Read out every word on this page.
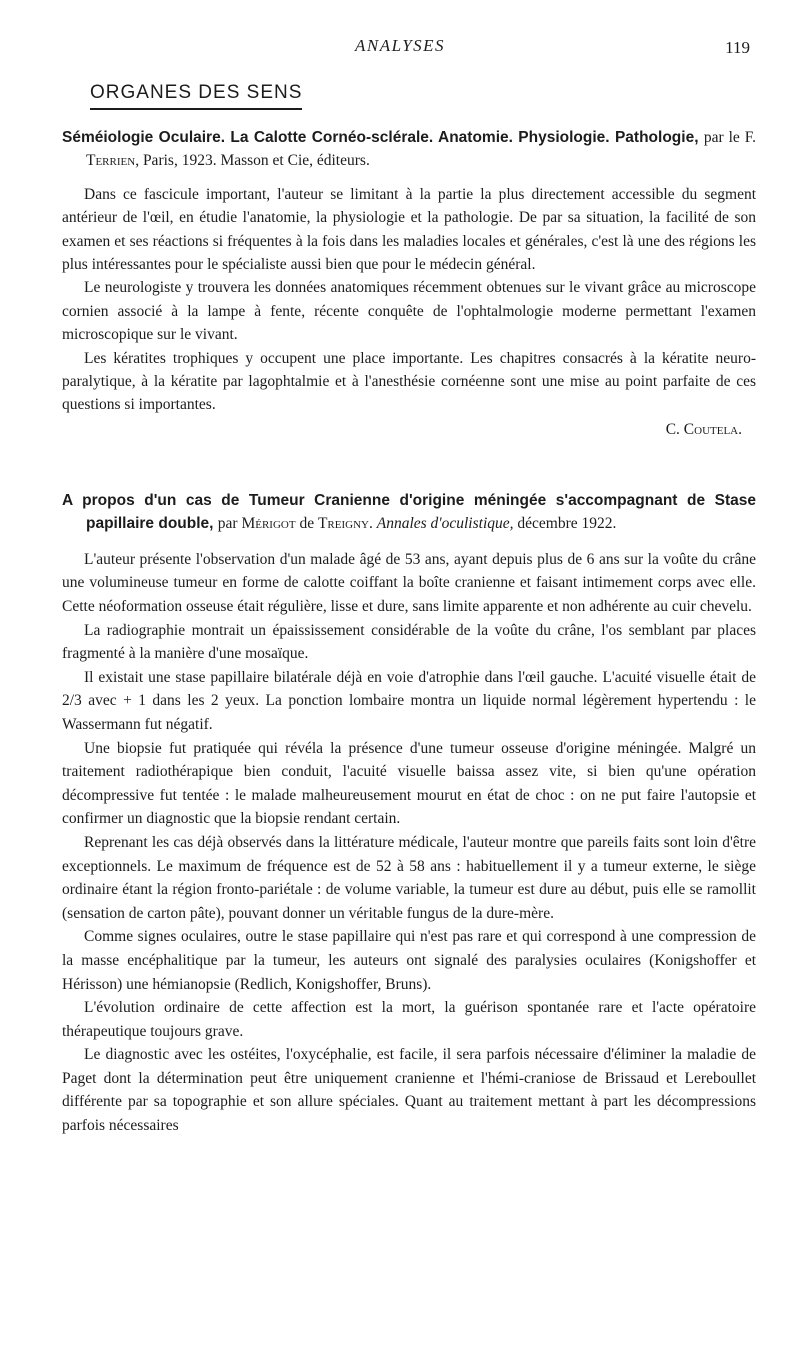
ANALYSES	119
ORGANES DES SENS

Séméiologie Oculaire. La Calotte Cornéo-sclérale. Anatomie. Physiologie. Pathologie, par le F. Terrien, Paris, 1923. Masson et Cie, éditeurs.

Dans ce fascicule important, l'auteur se limitant à la partie la plus directement accessible du segment antérieur de l'œil, en étudie l'anatomie, la physiologie et la pathologie. De par sa situation, la facilité de son examen et ses réactions si fréquentes à la fois dans les maladies locales et générales, c'est là une des régions les plus intéressantes pour le spécialiste aussi bien que pour le médecin général.

Le neurologiste y trouvera les données anatomiques récemment obtenues sur le vivant grâce au microscope cornien associé à la lampe à fente, récente conquête de l'ophtalmologie moderne permettant l'examen microscopique sur le vivant.

Les kératites trophiques y occupent une place importante. Les chapitres consacrés à la kératite neuro-paralytique, à la kératite par lagophtalmie et à l'anesthésie cornéenne sont une mise au point parfaite de ces questions si importantes.

C. Coutela.

A propos d'un cas de Tumeur Cranienne d'origine méningée s'accompagnant de Stase papillaire double, par Mérigot de Treigny. Annales d'oculistique, décembre 1922.

L'auteur présente l'observation d'un malade âgé de 53 ans, ayant depuis plus de 6 ans sur la voûte du crâne une volumineuse tumeur en forme de calotte coiffant la boîte cranienne et faisant intimement corps avec elle. Cette néoformation osseuse était régulière, lisse et dure, sans limite apparente et non adhérente au cuir chevelu.

La radiographie montrait un épaississement considérable de la voûte du crâne, l'os semblant par places fragmenté à la manière d'une mosaïque.

Il existait une stase papillaire bilatérale déjà en voie d'atrophie dans l'œil gauche. L'acuité visuelle était de 2/3 avec + 1 dans les 2 yeux. La ponction lombaire montra un liquide normal légèrement hypertendu : le Wassermann fut négatif.

Une biopsie fut pratiquée qui révéla la présence d'une tumeur osseuse d'origine méningée. Malgré un traitement radiothérapique bien conduit, l'acuité visuelle baissa assez vite, si bien qu'une opération décompressive fut tentée : le malade malheureusement mourut en état de choc : on ne put faire l'autopsie et confirmer un diagnostic que la biopsie rendant certain.

Reprenant les cas déjà observés dans la littérature médicale, l'auteur montre que pareils faits sont loin d'être exceptionnels. Le maximum de fréquence est de 52 à 58 ans : habituellement il y a tumeur externe, le siège ordinaire étant la région fronto-pariétale : de volume variable, la tumeur est dure au début, puis elle se ramollit (sensation de carton pâte), pouvant donner un véritable fungus de la dure-mère.

Comme signes oculaires, outre le stase papillaire qui n'est pas rare et qui correspond à une compression de la masse encéphalitique par la tumeur, les auteurs ont signalé des paralysies oculaires (Konigshoffer et Hérisson) une hémianopsie (Redlich, Konigshoffer, Bruns).

L'évolution ordinaire de cette affection est la mort, la guérison spontanée rare et l'acte opératoire thérapeutique toujours grave.

Le diagnostic avec les ostéites, l'oxycéphalie, est facile, il sera parfois nécessaire d'éliminer la maladie de Paget dont la détermination peut être uniquement cranienne et l'hémi-craniose de Brissaud et Lereboullet différente par sa topographie et son allure spéciales. Quant au traitement mettant à part les décompressions parfois nécessaires
